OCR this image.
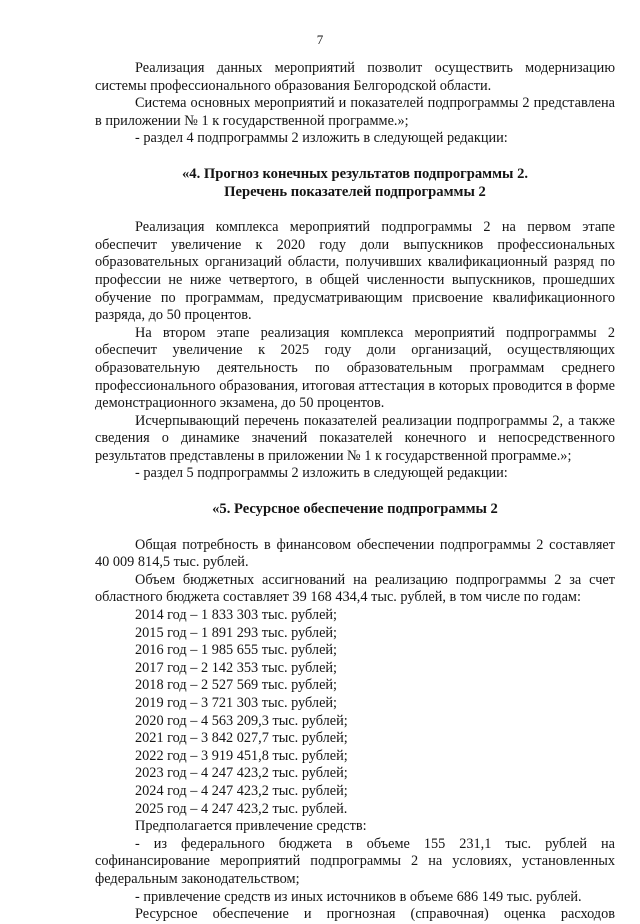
7

Реализация данных мероприятий позволит осуществить модернизацию системы профессионального образования Белгородской области.

Система основных мероприятий и показателей подпрограммы 2 представлена в приложении № 1 к государственной программе.»;

- раздел 4 подпрограммы 2 изложить в следующей редакции:

«4. Прогноз конечных результатов подпрограммы 2.

Перечень показателей подпрограммы 2

Реализация комплекса мероприятий подпрограммы 2 на первом этапе обеспечит увеличение к 2020 году доли выпускников профессиональных образовательных организаций области, получивших квалификационный разряд по профессии не ниже четвертого, в общей численности выпускников, прошедших обучение по программам, предусматривающим присвоение квалификационного разряда, до 50 процентов.

На втором этапе реализация комплекса мероприятий подпрограммы 2 обеспечит увеличение к 2025 году доли организаций, осуществляющих образовательную деятельность по образовательным программам среднего профессионального образования, итоговая аттестация в которых проводится в форме демонстрационного экзамена, до 50 процентов.

Исчерпывающий перечень показателей реализации подпрограммы 2, а также сведения о динамике значений показателей конечного и непосредственного результатов представлены в приложении № 1 к государственной программе.»;

- раздел 5 подпрограммы 2 изложить в следующей редакции:

«5. Ресурсное обеспечение подпрограммы 2

Общая потребность в финансовом обеспечении подпрограммы 2 составляет 40 009 814,5 тыс. рублей.

Объем бюджетных ассигнований на реализацию подпрограммы 2 за счет областного бюджета составляет 39 168 434,4 тыс. рублей, в том числе по годам:

2014 год – 1 833 303 тыс. рублей;

2015 год – 1 891 293 тыс. рублей;

2016 год – 1 985 655 тыс. рублей;

2017 год – 2 142 353 тыс. рублей;

2018 год – 2 527 569 тыс. рублей;

2019 год – 3 721 303 тыс. рублей;

2020 год – 4 563 209,3 тыс. рублей;

2021 год – 3 842 027,7 тыс. рублей;

2022 год – 3 919 451,8 тыс. рублей;

2023 год – 4 247 423,2 тыс. рублей;

2024 год – 4 247 423,2 тыс. рублей;

2025 год – 4 247 423,2 тыс. рублей.

Предполагается привлечение средств:

- из федерального бюджета в объеме 155 231,1 тыс. рублей на софинансирование мероприятий подпрограммы 2 на условиях, установленных федеральным законодательством;

- привлечение средств из иных источников в объеме 686 149 тыс. рублей.

Ресурсное обеспечение и прогнозная (справочная) оценка расходов
